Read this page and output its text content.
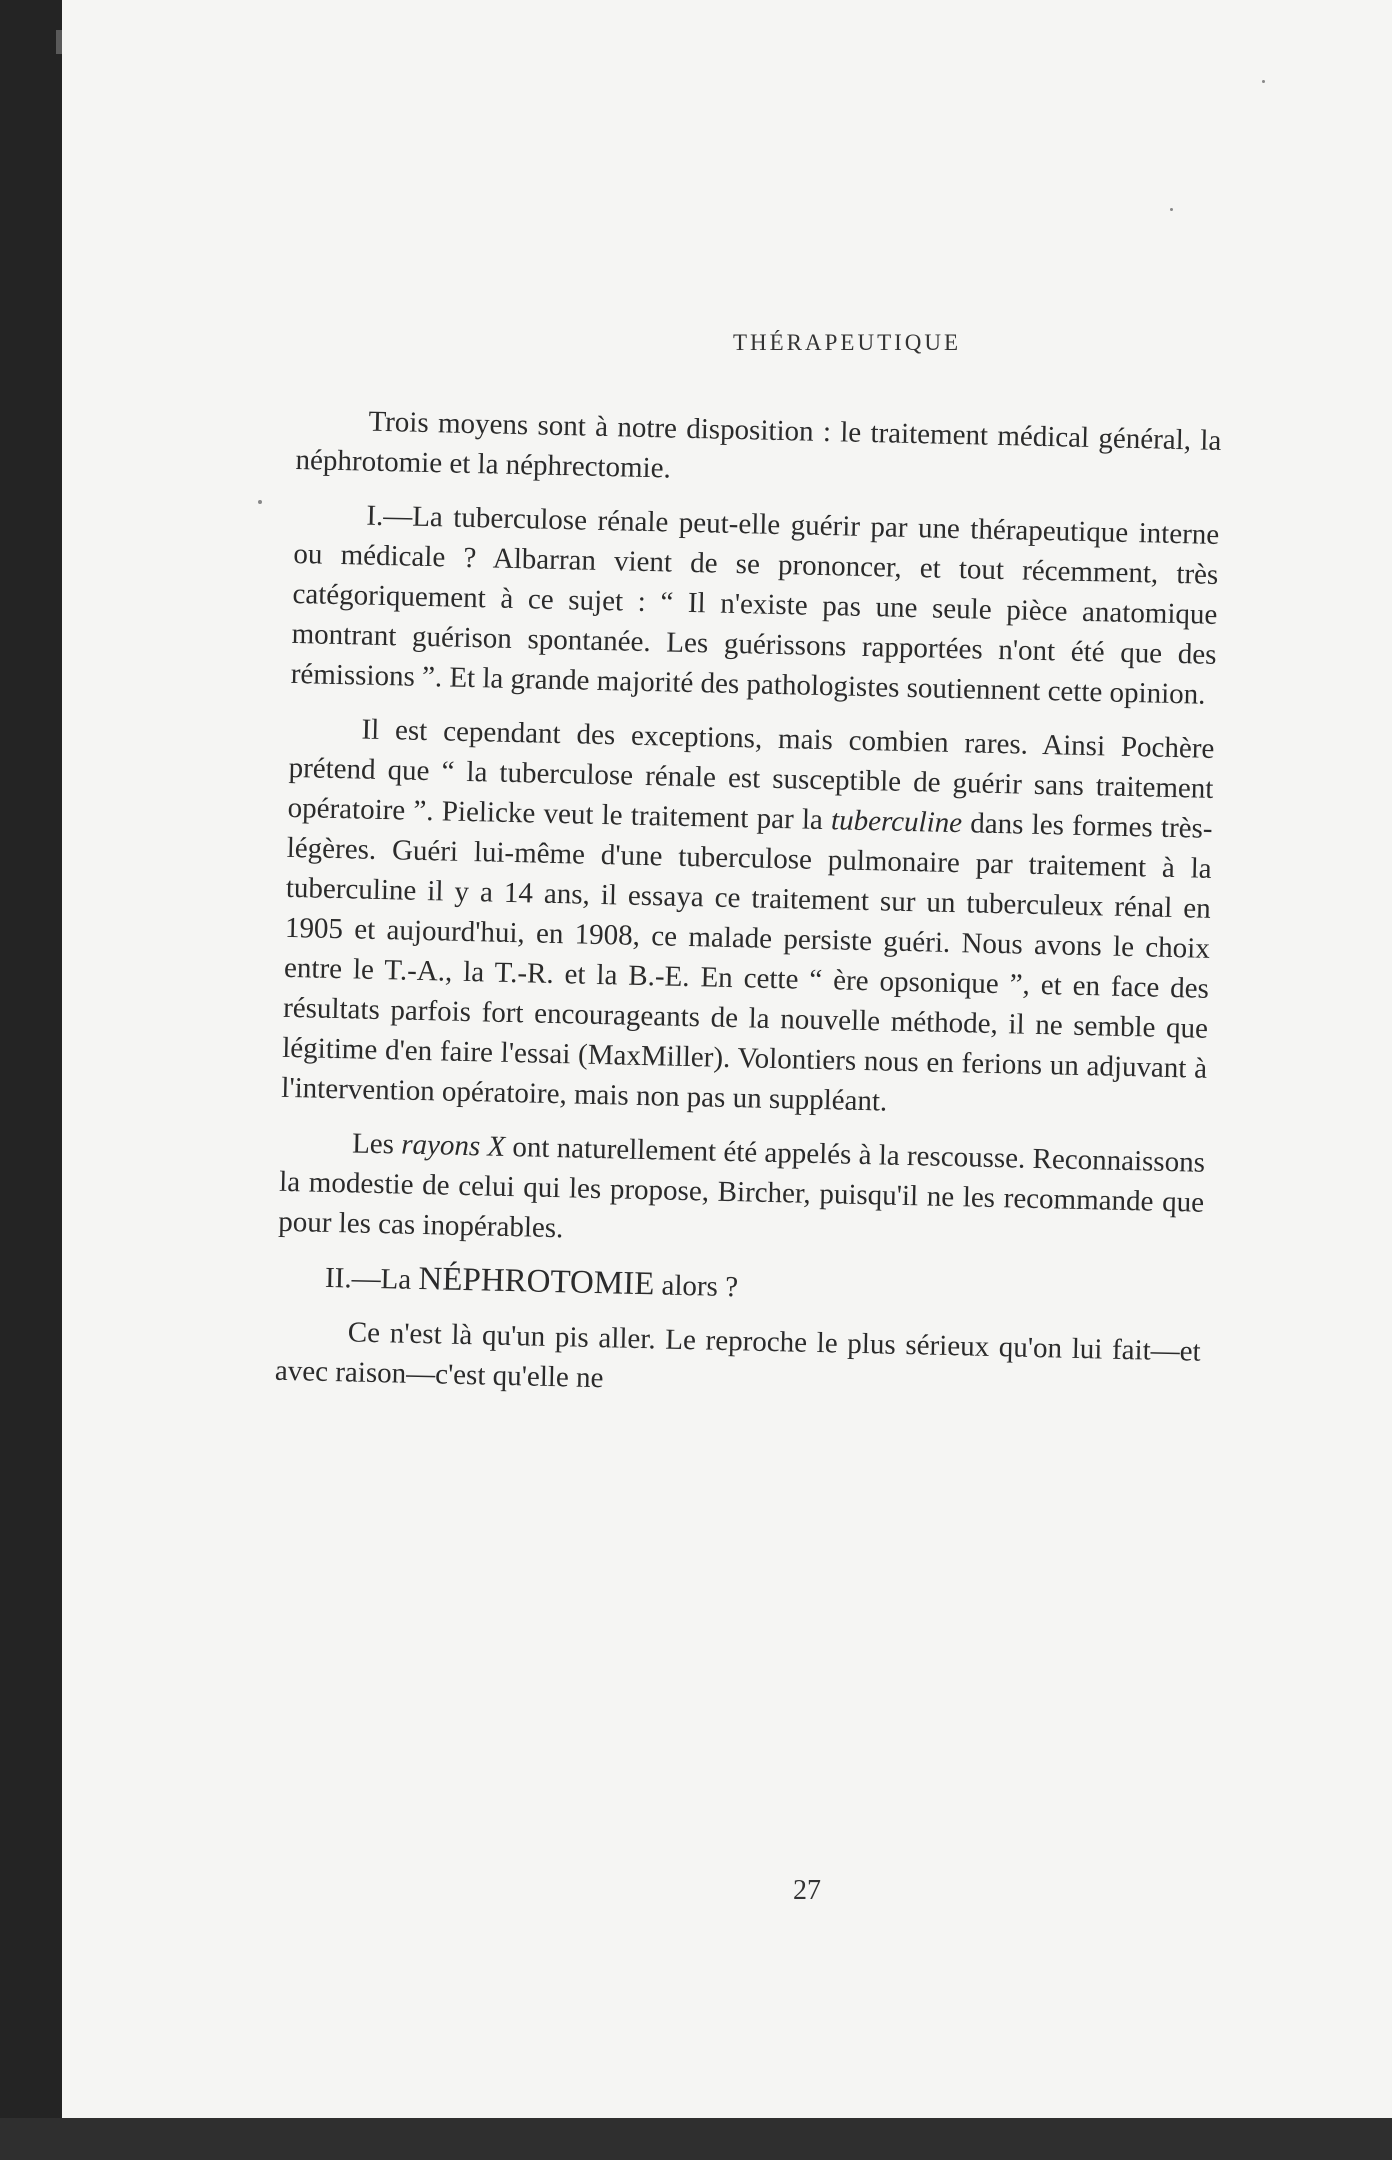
THÉRAPEUTIQUE

Trois moyens sont à notre disposition : le traitement médical général, la néphrotomie et la néphrectomie.

I.—La tuberculose rénale peut-elle guérir par une thérapeutique interne ou médicale ? Albarran vient de se prononcer, et tout récemment, très catégoriquement à ce sujet : “ Il n'existe pas une seule pièce anatomique montrant guérison spontanée. Les guérissons rapportées n'ont été que des rémissions ”. Et la grande majorité des pathologistes soutiennent cette opinion.

Il est cependant des exceptions, mais combien rares. Ainsi Pochère prétend que “ la tuberculose rénale est susceptible de guérir sans traitement opératoire ”. Pielicke veut le traitement par la tuberculine dans les formes très-légères. Guéri lui-même d'une tuberculose pulmonaire par traitement à la tuberculine il y a 14 ans, il essaya ce traitement sur un tuberculeux rénal en 1905 et aujourd'hui, en 1908, ce malade persiste guéri. Nous avons le choix entre le T.-A., la T.-R. et la B.-E. En cette “ ère opsonique ”, et en face des résultats parfois fort encourageants de la nouvelle méthode, il ne semble que légitime d'en faire l'essai (MaxMiller). Volontiers nous en ferions un adjuvant à l'intervention opératoire, mais non pas un suppléant.

Les rayons X ont naturellement été appelés à la rescousse. Reconnaissons la modestie de celui qui les propose, Bircher, puisqu'il ne les recommande que pour les cas inopérables.

II.—La NÉPHROTOMIE alors ?

Ce n'est là qu'un pis aller. Le reproche le plus sérieux qu'on lui fait—et avec raison—c'est qu'elle ne

27
